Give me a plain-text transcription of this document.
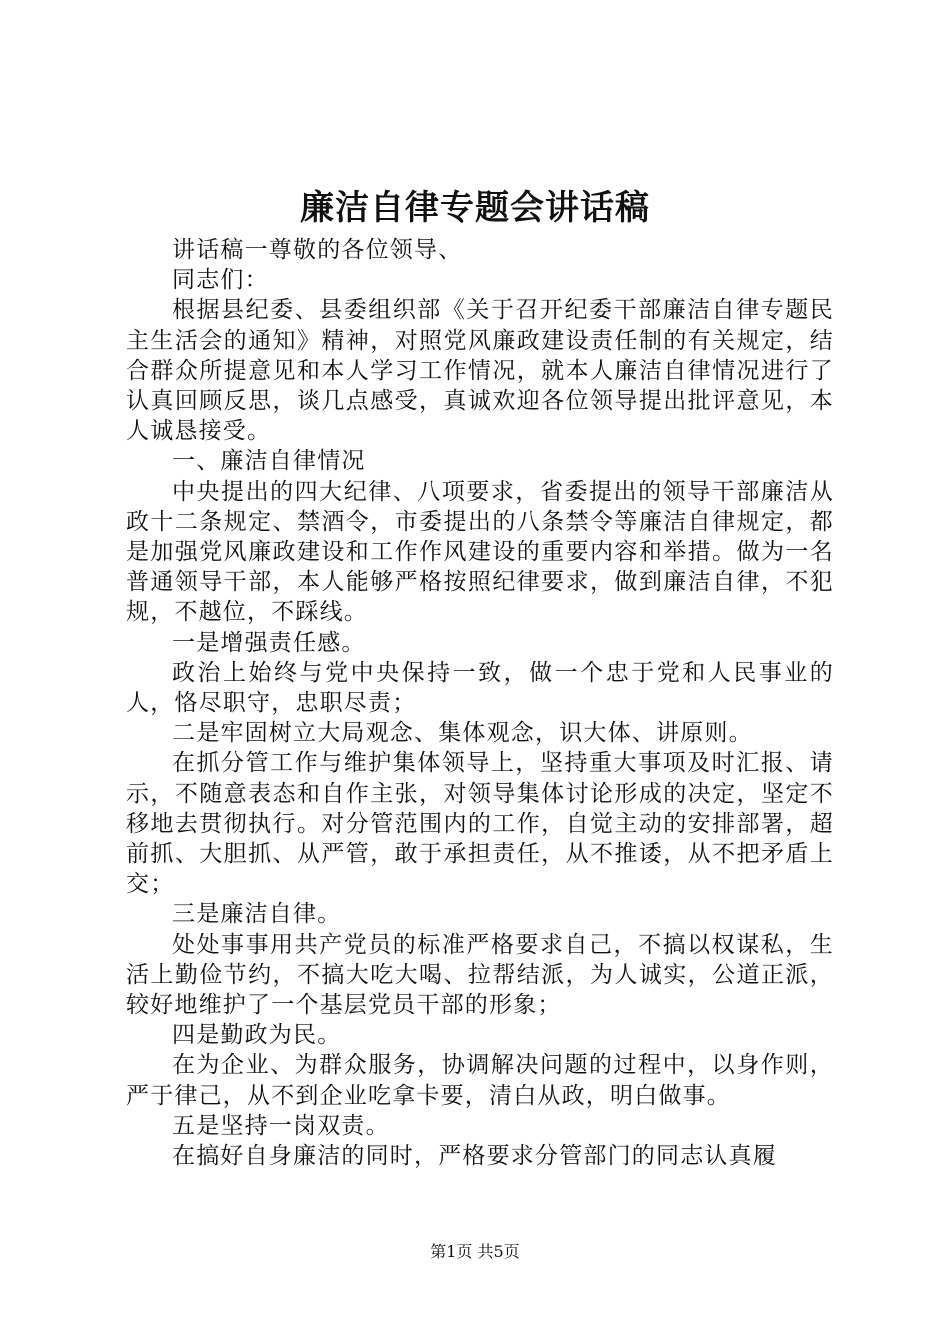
廉洁自律专题会讲话稿

讲话稿一尊敬的各位领导、

同志们：

根据县纪委、县委组织部《关于召开纪委干部廉洁自律专题民主生活会的通知》精神，对照党风廉政建设责任制的有关规定，结合群众所提意见和本人学习工作情况，就本人廉洁自律情况进行了认真回顾反思，谈几点感受，真诚欢迎各位领导提出批评意见，本人诚恳接受。

一、廉洁自律情况

中央提出的四大纪律、八项要求，省委提出的领导干部廉洁从政十二条规定、禁酒令，市委提出的八条禁令等廉洁自律规定，都是加强党风廉政建设和工作作风建设的重要内容和举措。做为一名普通领导干部，本人能够严格按照纪律要求，做到廉洁自律，不犯规，不越位，不踩线。

一是增强责任感。

政治上始终与党中央保持一致，做一个忠于党和人民事业的人，恪尽职守，忠职尽责；

二是牢固树立大局观念、集体观念，识大体、讲原则。

在抓分管工作与维护集体领导上，坚持重大事项及时汇报、请示，不随意表态和自作主张，对领导集体讨论形成的决定，坚定不移地去贯彻执行。对分管范围内的工作，自觉主动的安排部署，超前抓、大胆抓、从严管，敢于承担责任，从不推诿，从不把矛盾上交；

三是廉洁自律。

处处事事用共产党员的标准严格要求自己，不搞以权谋私，生活上勤俭节约，不搞大吃大喝、拉帮结派，为人诚实，公道正派，较好地维护了一个基层党员干部的形象；

四是勤政为民。

在为企业、为群众服务，协调解决问题的过程中，以身作则，严于律己，从不到企业吃拿卡要，清白从政，明白做事。

五是坚持一岗双责。

在搞好自身廉洁的同时，严格要求分管部门的同志认真履

第1页 共5页
